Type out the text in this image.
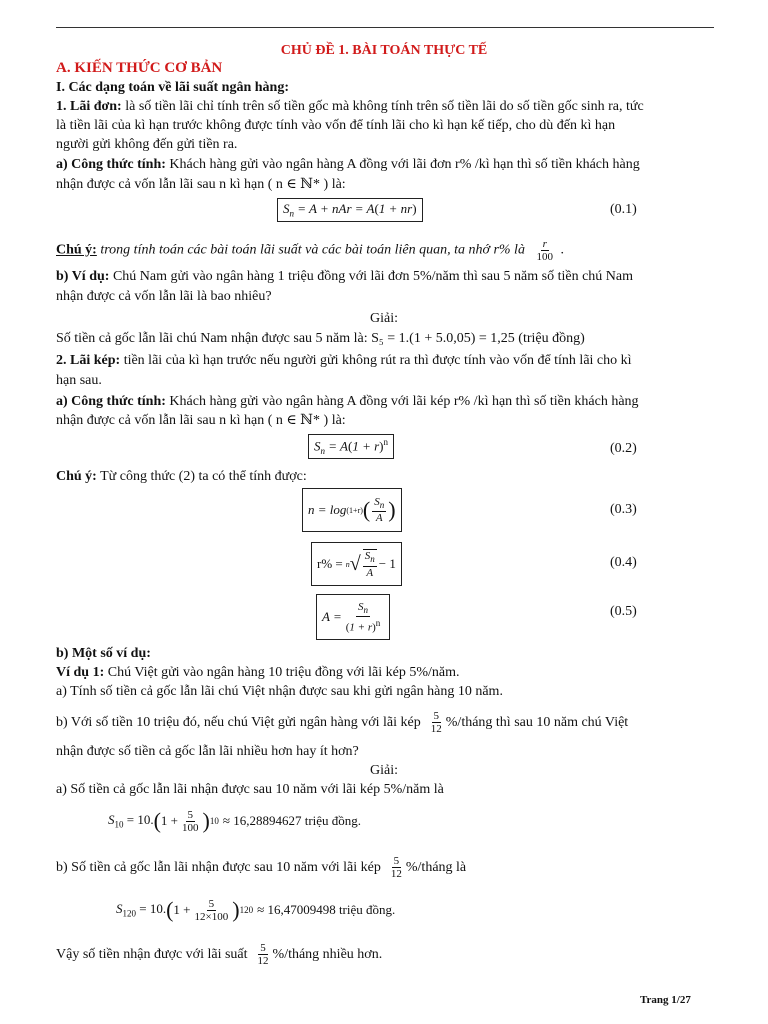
CHỦ ĐỀ 1. BÀI TOÁN THỰC TẾ
A. KIẾN THỨC CƠ BẢN
I. Các dạng toán về lãi suất ngân hàng:
1. Lãi đơn: là số tiền lãi chỉ tính trên số tiền gốc mà không tính trên số tiền lãi do số tiền gốc sinh ra, tức
là tiền lãi của kì hạn trước không được tính vào vốn để tính lãi cho kì hạn kế tiếp, cho dù đến kì hạn
người gửi không đến gửi tiền ra.
a) Công thức tính: Khách hàng gửi vào ngân hàng A đồng với lãi đơn r% /kì hạn thì số tiền khách hàng
nhận được cả vốn lẫn lãi sau n kì hạn ( n ∈ ℕ* ) là:
$S_n = A$ + nAr = A(1 + nr)	(0.1)
Chú ý: trong tính toán các bài toán lãi suất và các bài toán liên quan, ta nhớ r% là $\frac{r}{100}$ .
b) Ví dụ: Chú Nam gửi vào ngân hàng 1 triệu đồng với lãi đơn 5%/năm thì sau 5 năm số tiền chú Nam
nhận được cả vốn lẫn lãi là bao nhiêu?
Giải:
Số tiền cả gốc lẫn lãi chú Nam nhận được sau 5 năm là: S₅ = 1.(1 + 5.0,05) = 1,25 (triệu đồng)
2. Lãi kép: tiền lãi của kì hạn trước nếu người gửi không rút ra thì được tính vào vốn để tính lãi cho kì
hạn sau.
a) Công thức tính: Khách hàng gửi vào ngân hàng A đồng với lãi kép r% /kì hạn thì số tiền khách hàng
nhận được cả vốn lẫn lãi sau n kì hạn ( n ∈ ℕ* ) là:
$S_n = A(1 + r)^n$	(0.2)
Chú ý: Từ công thức (2) ta có thể tính được:
n = log (1+r) ( $\frac{S_n}{A}$ )	(0.3)
r% = n √ $\frac{S_n}{A} - 1$	(0.4)
$A = \frac{S_n}{(1 + r)^n}$	(0.5)
b) Một số ví dụ:
Ví dụ 1: Chú Việt gửi vào ngân hàng 10 triệu đồng với lãi kép 5%/năm.
a) Tính số tiền cả gốc lẫn lãi chú Việt nhận được sau khi gửi ngân hàng 10 năm.
b) Với số tiền 10 triệu đó, nếu chú Việt gửi ngân hàng với lãi kép $\frac{5}{12}$ %/tháng thì sau 10 năm chú Việt
nhận được số tiền cả gốc lẫn lãi nhiều hơn hay ít hơn?
Giải:
a) Số tiền cả gốc lẫn lãi nhận được sau 10 năm với lãi kép 5%/năm là
$S_{10} = 10$. ( $1 + \frac{5}{100}$ ) 10 ≈ 16,28894627 triệu đồng.
b) Số tiền cả gốc lẫn lãi nhận được sau 10 năm với lãi kép $\frac{5}{12}$ %/tháng là
$S_{120} = 10$. ( $1 + \frac{5}{12\times 100}$ ) 120 ≈ 16,47009498 triệu đồng.
Vậy số tiền nhận được với lãi suất $\frac{5}{12}$ %/tháng nhiều hơn.
Trang 1/27
